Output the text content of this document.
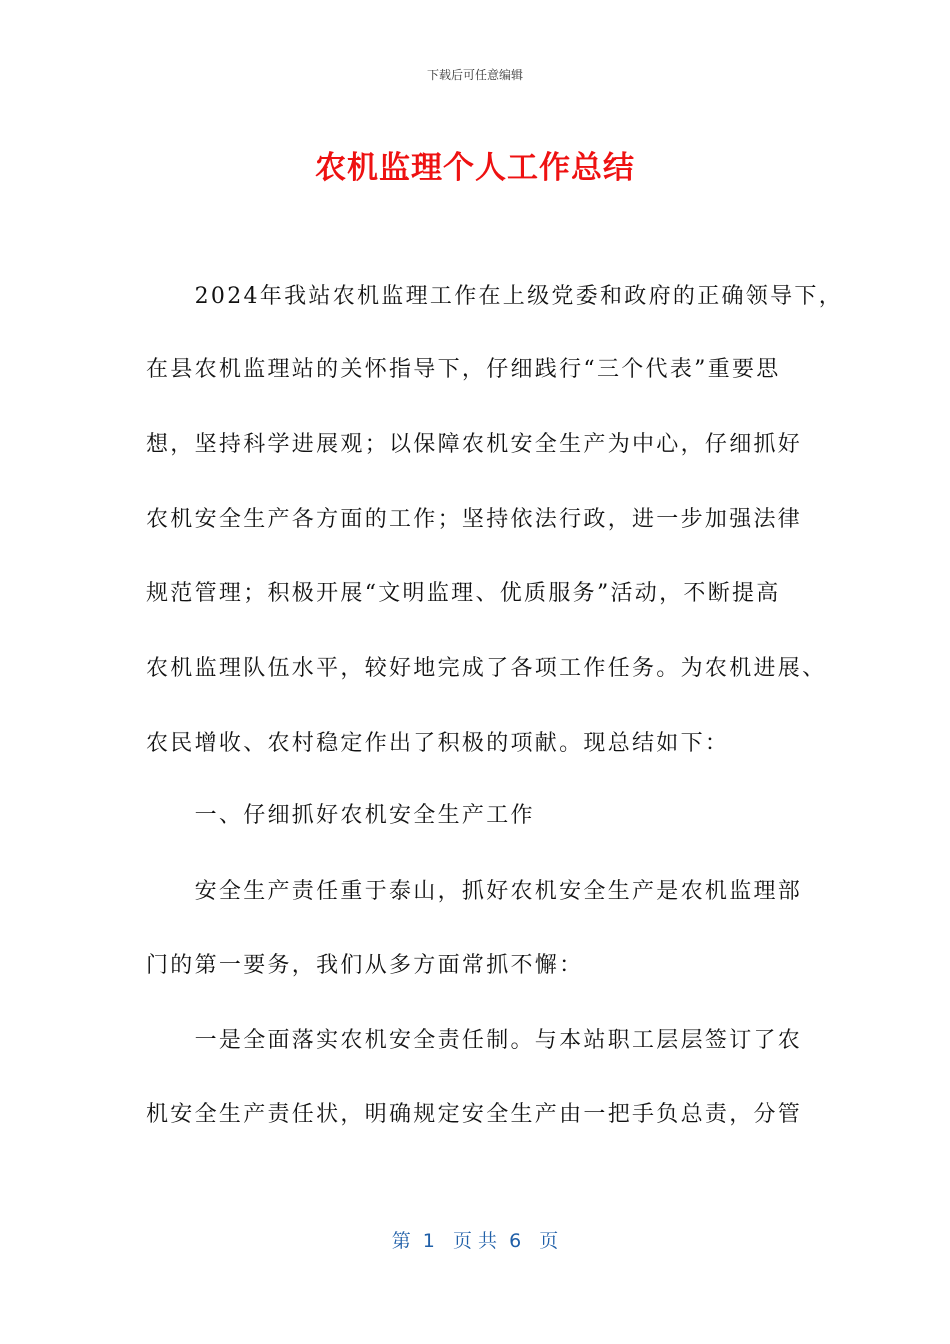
下载后可任意编辑
农机监理个人工作总结
　　2024年我站农机监理工作在上级党委和政府的正确领导下，
在县农机监理站的关怀指导下，仔细践行“三个代表”重要思
想，坚持科学进展观；以保障农机安全生产为中心，仔细抓好
农机安全生产各方面的工作；坚持依法行政，进一步加强法律
规范管理；积极开展“文明监理、优质服务”活动，不断提高
农机监理队伍水平，较好地完成了各项工作任务。为农机进展、
农民增收、农村稳定作出了积极的项献。现总结如下：
　　一、仔细抓好农机安全生产工作
　　安全生产责任重于泰山，抓好农机安全生产是农机监理部
门的第一要务，我们从多方面常抓不懈：
　　一是全面落实农机安全责任制。与本站职工层层签订了农
机安全生产责任状，明确规定安全生产由一把手负总责，分管
第  1   页 共  6   页
